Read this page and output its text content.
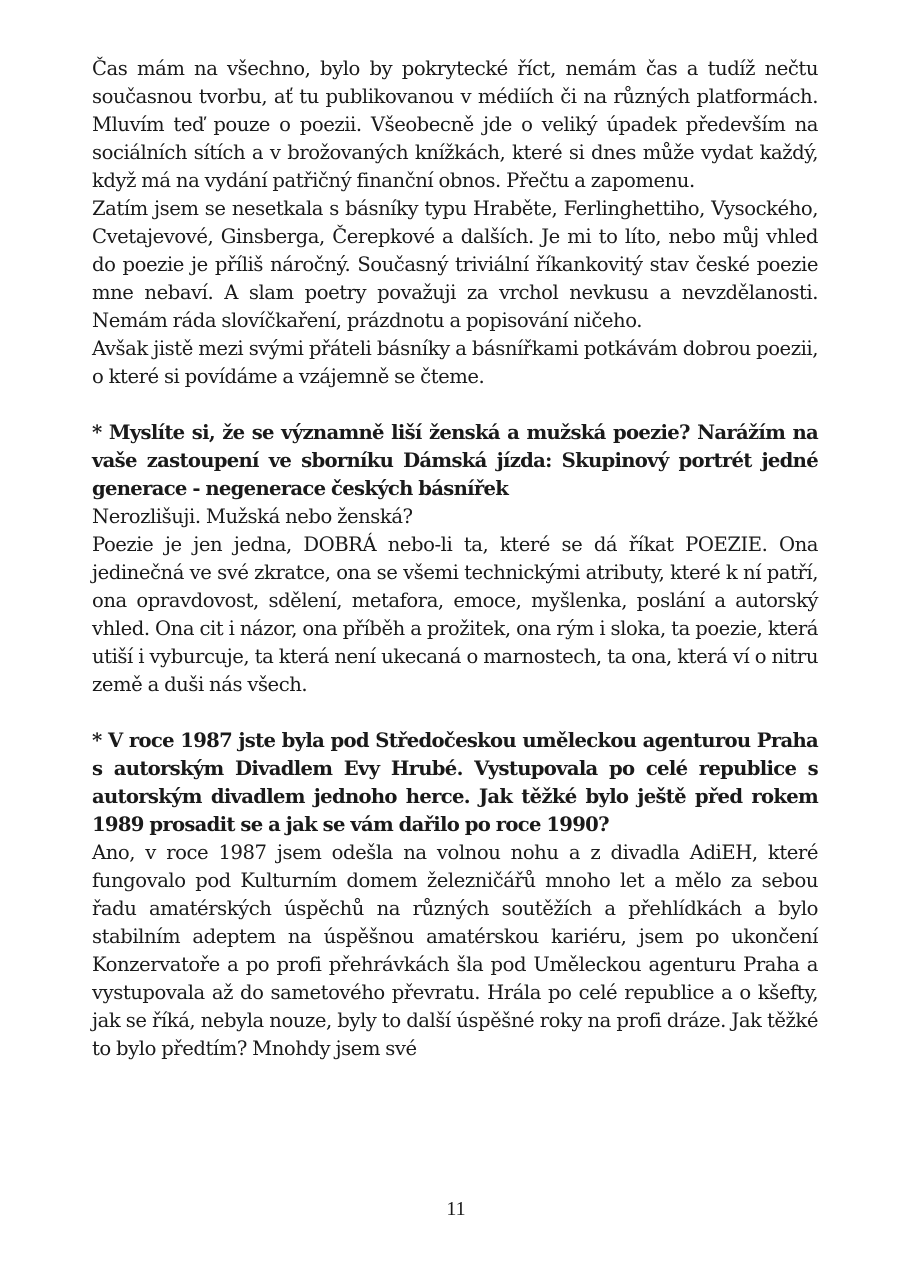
Čas mám na všechno, bylo by pokrytecké říct, nemám čas a tudíž nečtu současnou tvorbu, ať tu publikovanou v médiích či na různých platformách. Mluvím teď pouze o poezii. Všeobecně jde o veliký úpadek především na sociálních sítích a v brožovaných knížkách, které si dnes může vydat každý, když má na vydání patřičný finanční obnos. Přečtu a zapomenu.

Zatím jsem se nesetkala s básníky typu Hraběte, Ferlinghettiho, Vysockého, Cvetajevové, Ginsberga, Čerepkové a dalších. Je mi to líto, nebo můj vhled do poezie je příliš náročný. Současný triviální říkankovitý stav české poezie mne nebaví. A slam poetry považuji za vrchol nevkusu a nevzdělanosti. Nemám ráda slovíčkaření, prázdnotu a popisování ničeho.

Avšak jistě mezi svými přáteli básníky a básnířkami potkávám dobrou poezii, o které si povídáme a vzájemně se čteme.

* Myslíte si, že se významně liší ženská a mužská poezie? Narážím na vaše zastoupení ve sborníku Dámská jízda: Skupinový portrét jedné generace - negenerace českých básnířek

Nerozlišuji. Mužská nebo ženská?

Poezie je jen jedna, DOBRÁ nebo-li ta, které se dá říkat POEZIE. Ona jedinečná ve své zkratce, ona se všemi technickými atributy, které k ní patří, ona opravdovost, sdělení, metafora, emoce, myšlenka, poslání a autorský vhled. Ona cit i názor, ona příběh a prožitek, ona rým i sloka, ta poezie, která utiší i vyburcuje, ta která není ukecaná o marnostech, ta ona, která ví o nitru země a duši nás všech.

* V roce 1987 jste byla pod Středočeskou uměleckou agenturou Praha s autorským Divadlem Evy Hrubé. Vystupovala po celé republice s autorským divadlem jednoho herce. Jak těžké bylo ještě před rokem 1989 prosadit se a jak se vám dařilo po roce 1990?

Ano, v roce 1987 jsem odešla na volnou nohu a z divadla AdiEH, které fungovalo pod Kulturním domem železničářů mnoho let a mělo za sebou řadu amatérských úspěchů na různých soutěžích a přehlídkách a bylo stabilním adeptem na úspěšnou amatérskou kariéru, jsem po ukončení Konzervatoře a po profi přehrávkách šla pod Uměleckou agenturu Praha a vystupovala až do sametového převratu. Hrála po celé republice a o kšefty, jak se říká, nebyla nouze, byly to další úspěšné roky na profi dráze. Jak těžké to bylo předtím? Mnohdy jsem své

11
